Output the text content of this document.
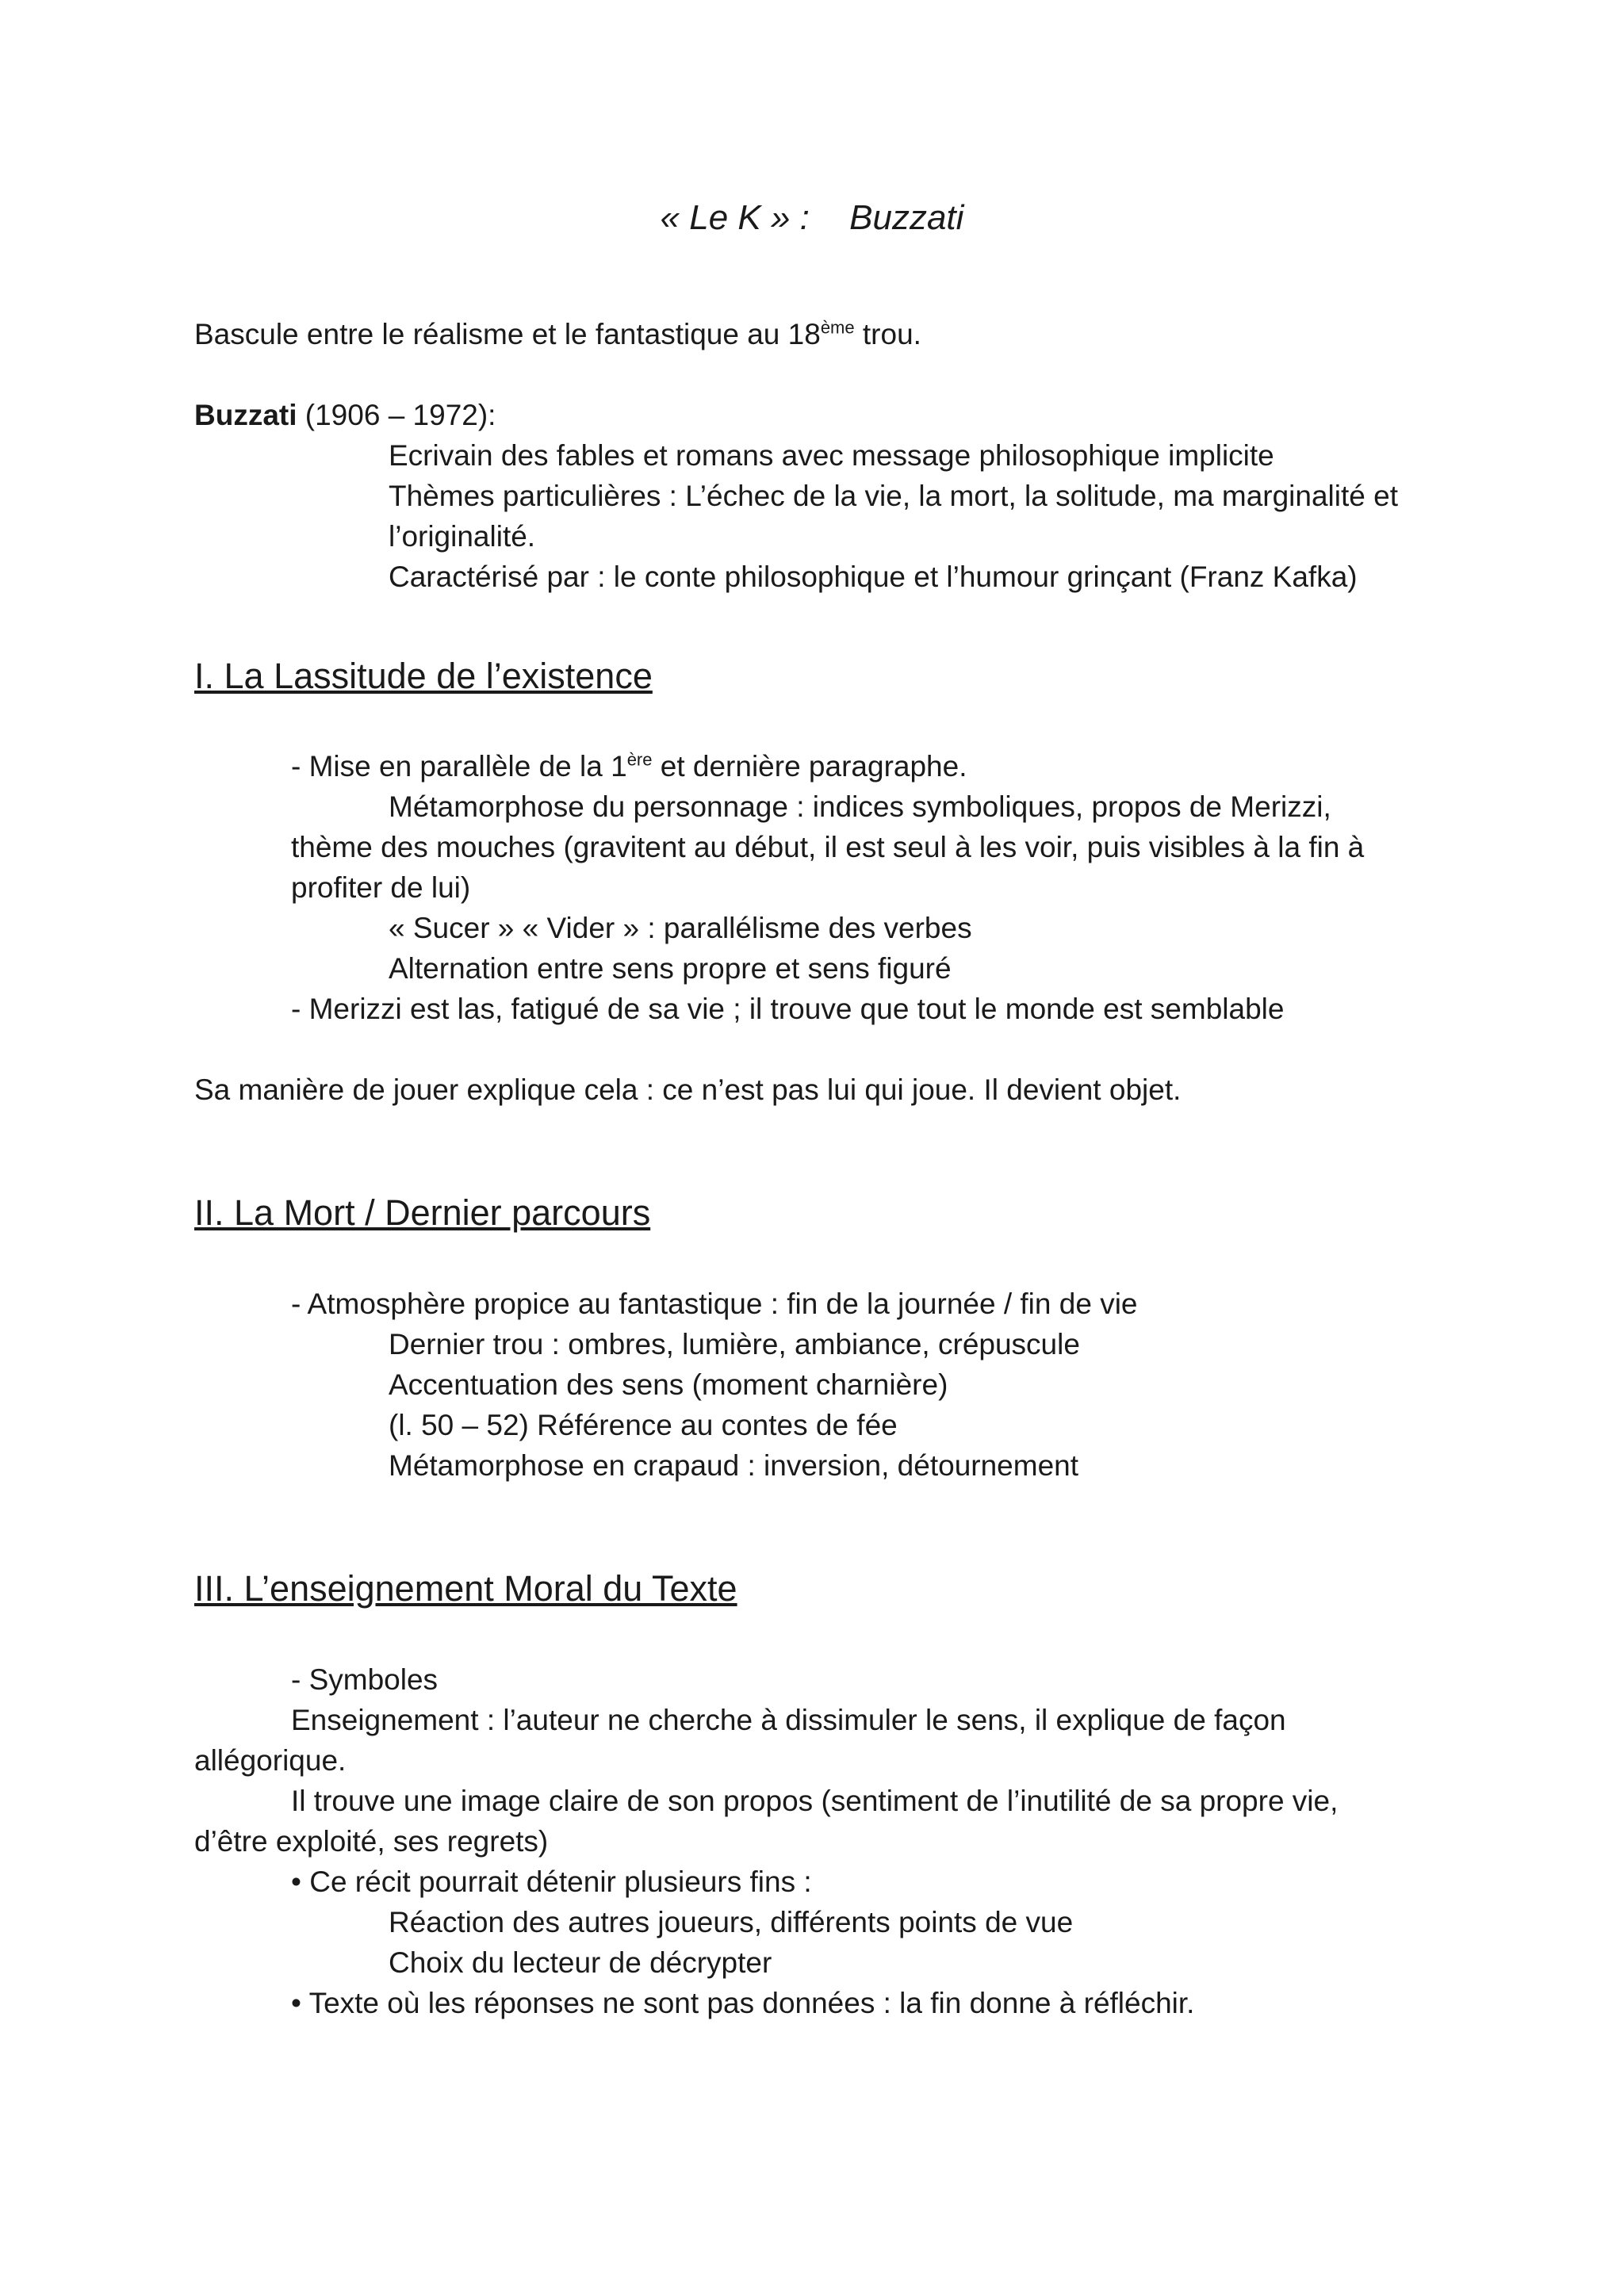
« Le K » : Buzzati
Bascule entre le réalisme et le fantastique au 18ème trou.
Buzzati (1906 – 1972):
Ecrivain des fables et romans avec message philosophique implicite
Thèmes particulières : L’échec de la vie, la mort, la solitude, ma marginalité et
l’originalité.
Caractérisé par : le conte philosophique et l’humour grinçant (Franz Kafka)
I. La Lassitude de l’existence
- Mise en parallèle de la 1ère et dernière paragraphe.
Métamorphose du personnage : indices symboliques, propos de Merizzi,
thème des mouches (gravitent au début, il est seul à les voir, puis visibles à la fin à
profiter de lui)
« Sucer » « Vider » : parallélisme des verbes
Alternation entre sens propre et sens figuré
- Merizzi est las, fatigué de sa vie ; il trouve que tout le monde est semblable
Sa manière de jouer explique cela : ce n’est pas lui qui joue. Il devient objet.
II. La Mort / Dernier parcours
- Atmosphère propice au fantastique : fin de la journée / fin de vie
Dernier trou : ombres, lumière, ambiance, crépuscule
Accentuation des sens (moment charnière)
(l. 50 – 52) Référence au contes de fée
Métamorphose en crapaud : inversion, détournement
III. L’enseignement Moral du Texte
- Symboles
Enseignement : l’auteur ne cherche à dissimuler le sens, il explique de façon
allégorique.
Il trouve une image claire de son propos (sentiment de l’inutilité de sa propre vie,
d’être exploité, ses regrets)
• Ce récit pourrait détenir plusieurs fins :
Réaction des autres joueurs, différents points de vue
Choix du lecteur de décrypter
• Texte où les réponses ne sont pas données : la fin donne à réfléchir.
